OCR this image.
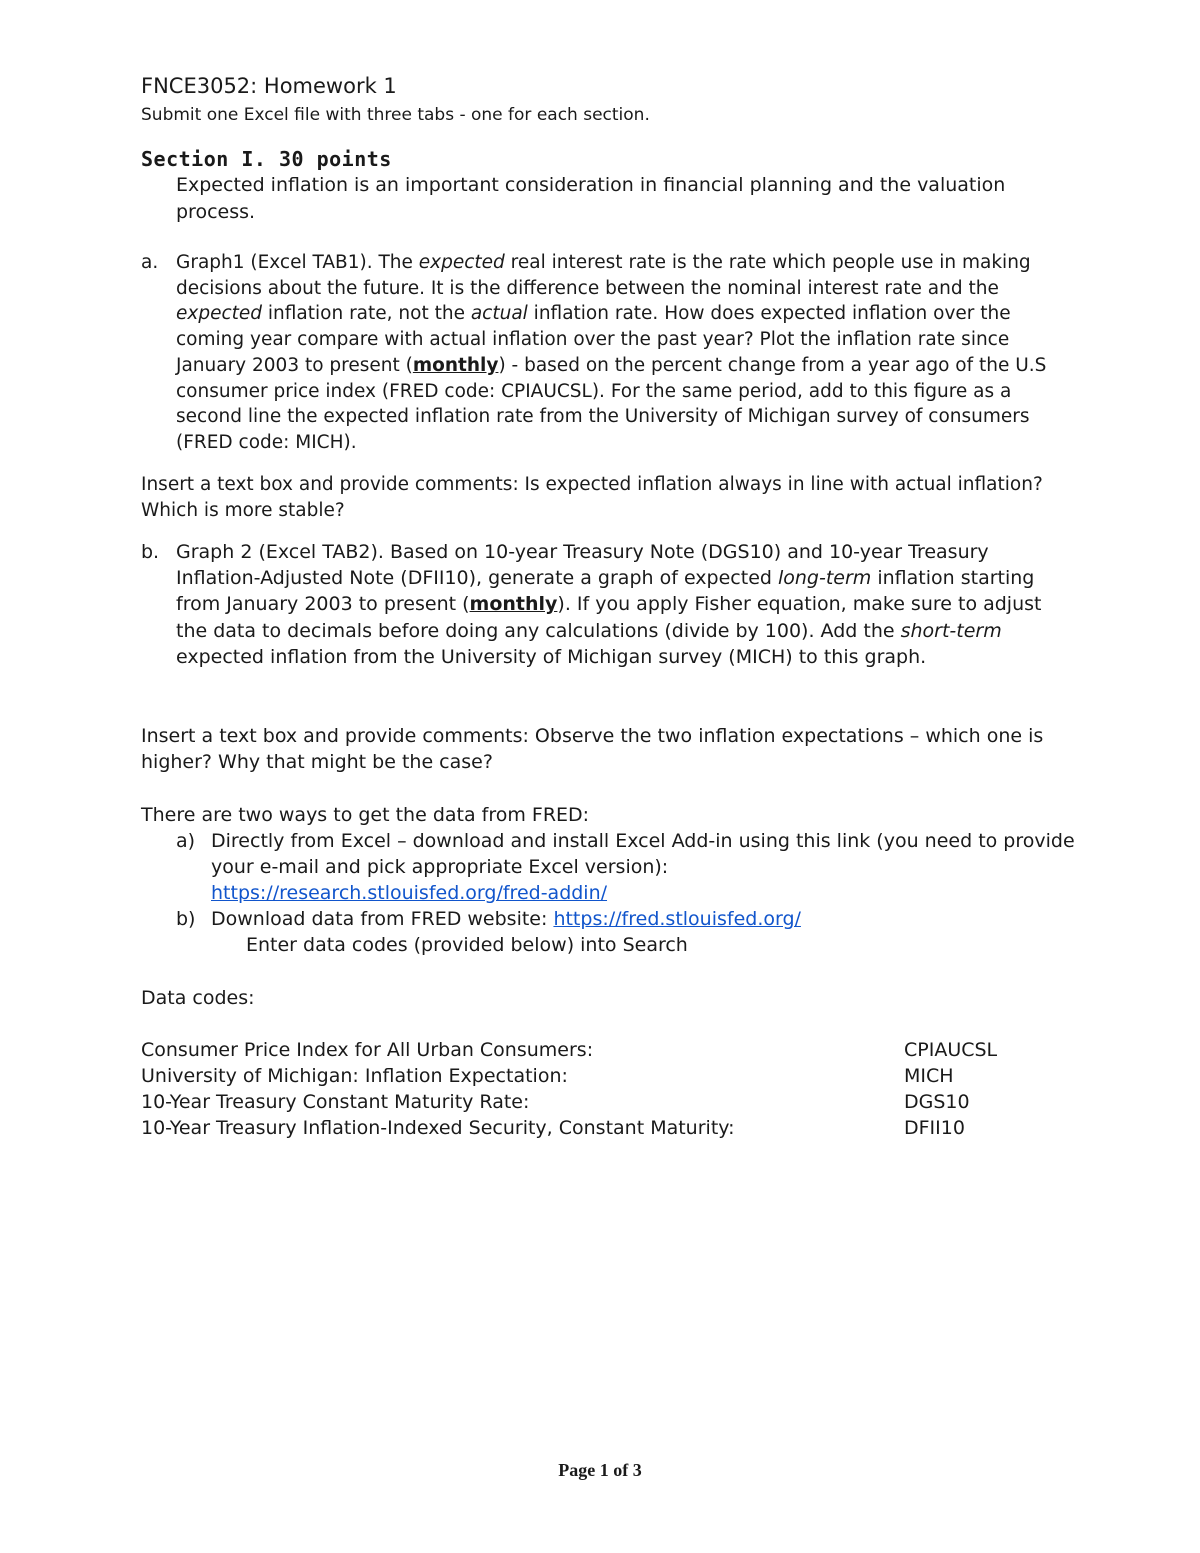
FNCE3052: Homework 1
Submit one Excel file with three tabs - one for each section.
Section I. 30 points
Expected inflation is an important consideration in financial planning and the valuation process.
a. Graph1 (Excel TAB1). The expected real interest rate is the rate which people use in making decisions about the future. It is the difference between the nominal interest rate and the expected inflation rate, not the actual inflation rate. How does expected inflation over the coming year compare with actual inflation over the past year? Plot the inflation rate since January 2003 to present (monthly) - based on the percent change from a year ago of the U.S consumer price index (FRED code: CPIAUCSL). For the same period, add to this figure as a second line the expected inflation rate from the University of Michigan survey of consumers (FRED code: MICH).
Insert a text box and provide comments: Is expected inflation always in line with actual inflation? Which is more stable?
b. Graph 2 (Excel TAB2). Based on 10-year Treasury Note (DGS10) and 10-year Treasury Inflation-Adjusted Note (DFII10), generate a graph of expected long-term inflation starting from January 2003 to present (monthly). If you apply Fisher equation, make sure to adjust the data to decimals before doing any calculations (divide by 100). Add the short-term expected inflation from the University of Michigan survey (MICH) to this graph.
Insert a text box and provide comments: Observe the two inflation expectations – which one is higher? Why that might be the case?
There are two ways to get the data from FRED:
a) Directly from Excel – download and install Excel Add-in using this link (you need to provide your e-mail and pick appropriate Excel version):
https://research.stlouisfed.org/fred-addin/
b) Download data from FRED website: https://fred.stlouisfed.org/
Enter data codes (provided below) into Search
Data codes:
Consumer Price Index for All Urban Consumers:	CPIAUCSL
University of Michigan: Inflation Expectation:	MICH
10-Year Treasury Constant Maturity Rate:	DGS10
10-Year Treasury Inflation-Indexed Security, Constant Maturity:	DFII10
Page 1 of 3
